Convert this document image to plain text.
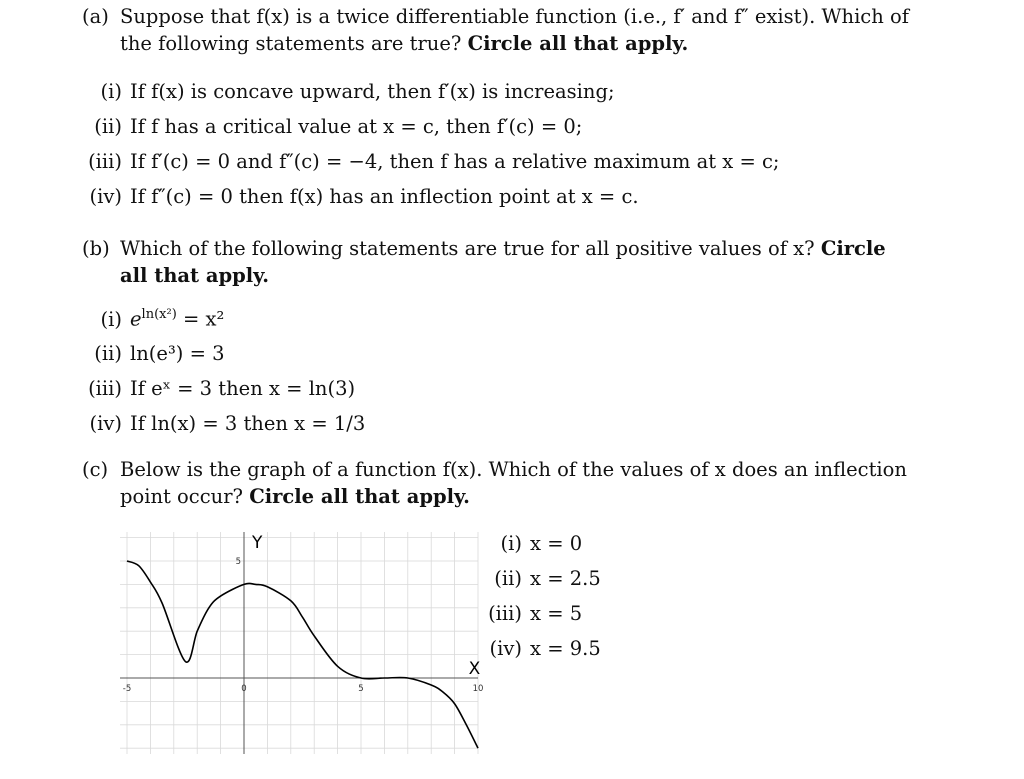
(a) Suppose that f(x) is a twice differentiable function (i.e., f′ and f″ exist). Which of the following statements are true? Circle all that apply.
(i) If f(x) is concave upward, then f′(x) is increasing;
(ii) If f has a critical value at x = c, then f′(c) = 0;
(iii) If f′(c) = 0 and f″(c) = −4, then f has a relative maximum at x = c;
(iv) If f″(c) = 0 then f(x) has an inflection point at x = c.
(b) Which of the following statements are true for all positive values of x? Circle all that apply.
(i) $e^{ln(x^2)} = x^2$
(ii) ln(e³) = 3
(iii) If eˣ = 3 then x = ln(3)
(iv) If ln(x) = 3 then x = 1/3
(c) Below is the graph of a function f(x). Which of the values of x does an inflection point occur? Circle all that apply.
-5	0	5	10
5
X
Y	(i) x = 0
(ii) x = 2.5
(iii) x = 5
(iv) x = 9.5
